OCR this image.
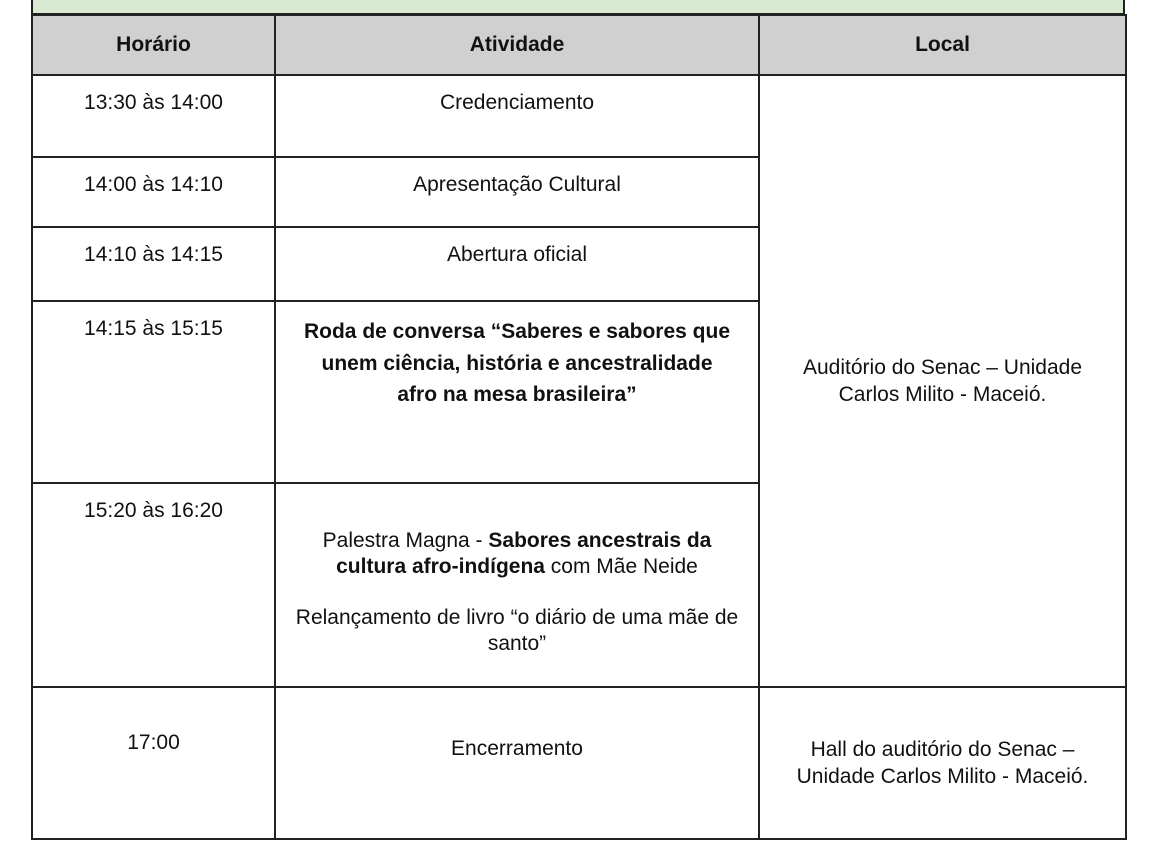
Horário	Atividade	Local
13:30 às 14:00	Credenciamento	Auditório do Senac – Unidade Carlos Milito - Maceió.
14:00 às 14:10	Apresentação Cultural	
14:10 às 14:15	Abertura oficial	
14:15 às 15:15	Roda de conversa “Saberes e sabores que unem ciência, história e ancestralidade afro na mesa brasileira”	
15:20 às 16:20	Palestra Magna - Sabores ancestrais da cultura afro-indígena com Mãe Neide
Relançamento de livro “o diário de uma mãe de santo”	

17:00	Encerramento	Hall do auditório do Senac – Unidade Carlos Milito - Maceió.
